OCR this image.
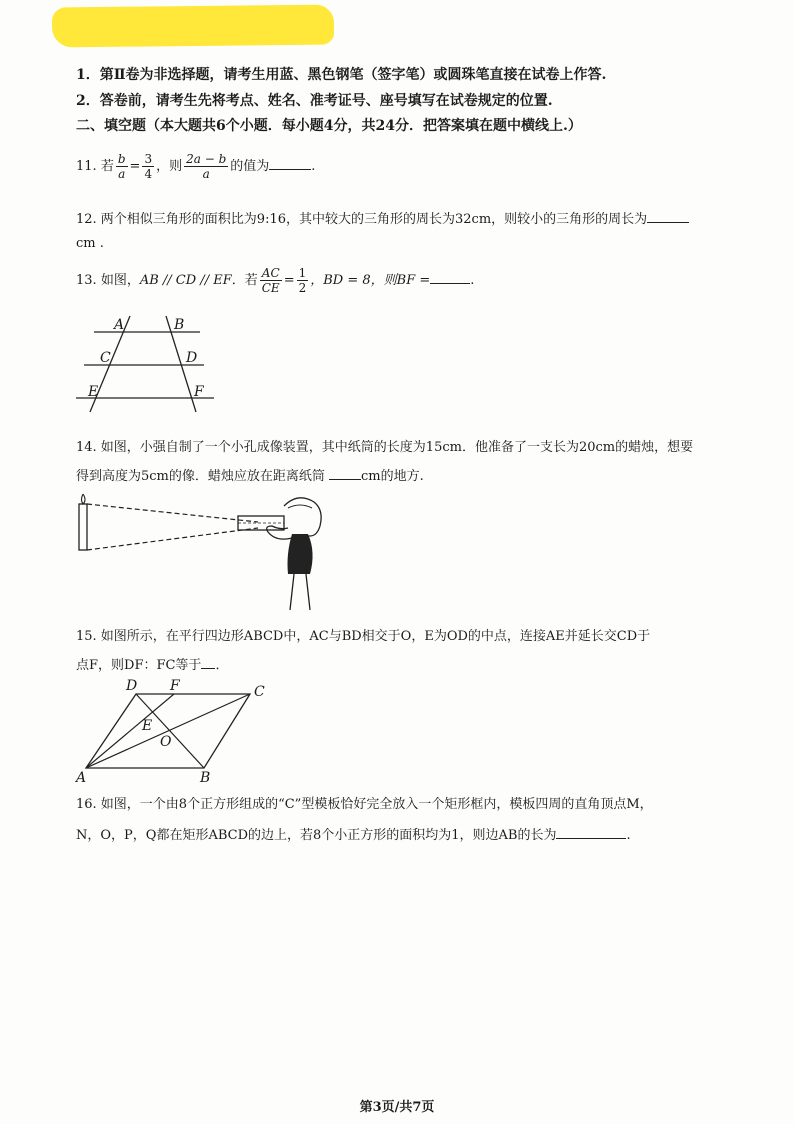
1．第Ⅱ卷为非选择题，请考生用蓝、黑色钢笔（签字笔）或圆珠笔直接在试卷上作答.
2．答卷前，请考生先将考点、姓名、准考证号、座号填写在试卷规定的位置.
二、填空题（本大题共6个小题．每小题4分，共24分．把答案填在题中横线上.）
11. 若 $\frac{b}{a} = \frac{3}{4}$ ，则 $\frac{2a - b}{a}$ 的值为	.
12. 两个相似三角形的面积比为9:16，其中较大的三角形的周长为32cm，则较小的三角形的周长为
cm .
13. 如图，AB // CD // EF．若 $\frac{AC}{CE} = \frac{1}{2}$ ，BD = 8，则BF =	.
A	B
C	D
E	F
14. 如图，小强自制了一个小孔成像装置，其中纸筒的长度为15cm．他准备了一支长为20cm的蜡烛，想要
得到高度为5cm的像．蜡烛应放在距离纸筒	cm的地方.
15. 如图所示，在平行四边形ABCD中，AC与BD相交于O，E为OD的中点，连接AE并延长交CD于
点F，则DF：FC等于 ．
D F	C
E
O
A	B
16. 如图，一个由8个正方形组成的“C”型模板恰好完全放入一个矩形框内，模板四周的直角顶点M，
N，O，P，Q都在矩形ABCD的边上，若8个小正方形的面积均为1，则边AB的长为	.
第3页/共7页
